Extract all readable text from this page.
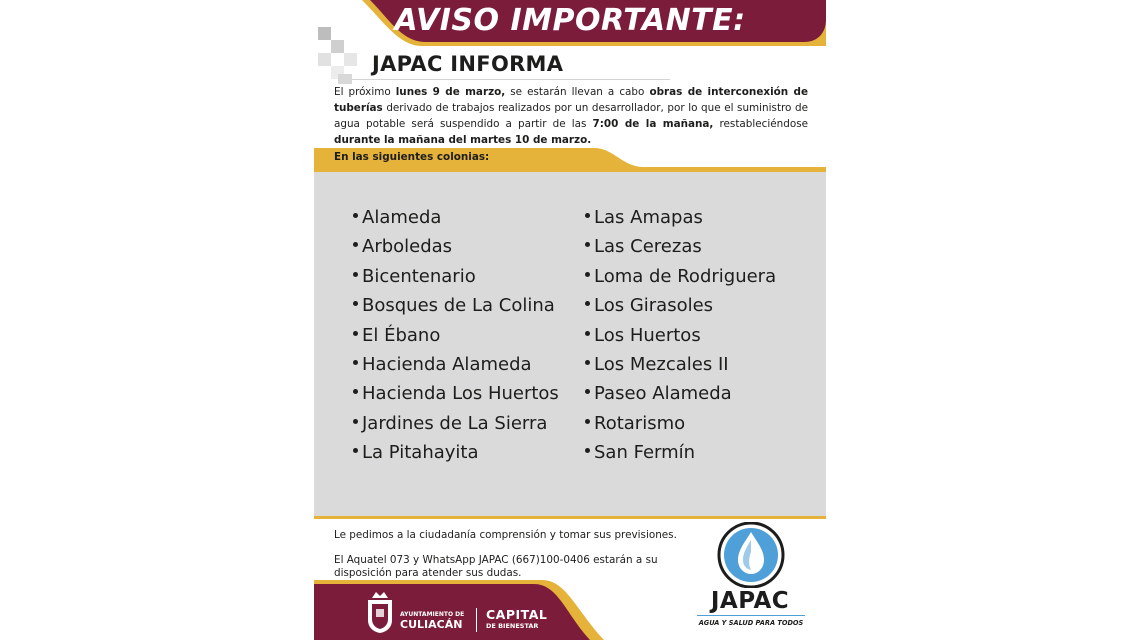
AVISO IMPORTANTE:
JAPAC INFORMA
El próximo lunes 9 de marzo, se estarán llevan a cabo obras de interconexión de tuberías derivado de trabajos realizados por un desarrollador, por lo que el suministro de agua potable será suspendido a partir de las 7:00 de la mañana, restableciéndose durante la mañana del martes 10 de marzo.
En las siguientes colonias:
Alameda
Arboledas
Bicentenario
Bosques de La Colina
El Ébano
Hacienda Alameda
Hacienda Los Huertos
Jardines de La Sierra
La Pitahayita
Las Amapas
Las Cerezas
Loma de Rodriguera
Los Girasoles
Los Huertos
Los Mezcales II
Paseo Alameda
Rotarismo
San Fermín
Le pedimos a la ciudadanía comprensión y tomar sus previsiones.
El Aquatel 073 y WhatsApp JAPAC (667)100-0406 estarán a su disposición para atender sus dudas.
AYUNTAMIENTO DE
CULIACÁN
CAPITAL
DE BIENESTAR
JAPAC
AGUA Y SALUD PARA TODOS
